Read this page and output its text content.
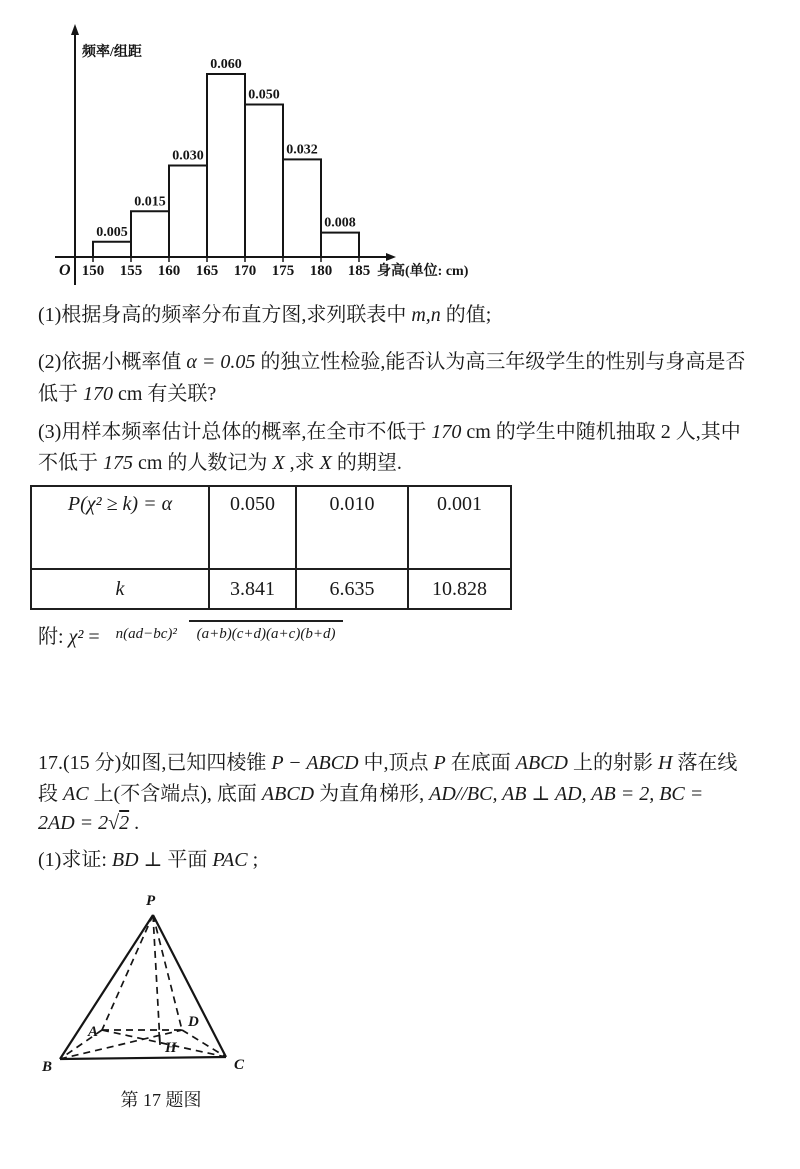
频率/组距
身高(单位: cm)
O 150 155 160 165 170 175 180 185
0.005
0.015
0.030
0.060
0.050
0.032
0.008
(1)根据身高的频率分布直方图,求列联表中 m,n 的值;
(2)依据小概率值 α = 0.05 的独立性检验,能否认为高三年级学生的性别与身高是否
低于 170 cm 有关联?
(3)用样本频率估计总体的概率,在全市不低于 170 cm 的学生中随机抽取 2 人,其中
不低于 175 cm 的人数记为 X ,求 X 的期望.
P(χ² ≥ k) = α	0.050	0.010	0.001
k	3.841	6.635	10.828
附: χ² =	n(ad−bc)² (a+b)(c+d)(a+c)(b+d)
17.(15 分)如图,已知四棱锥 P − ABCD 中,顶点 P 在底面 ABCD 上的射影 H 落在线
段 AC 上(不含端点), 底面 ABCD 为直角梯形, AD//BC, AB ⊥ AD, AB = 2, BC =
2AD = 2√2 .
(1)求证: BD ⊥ 平面 PAC ;
P
A
B	C
D
H
第 17 题图
